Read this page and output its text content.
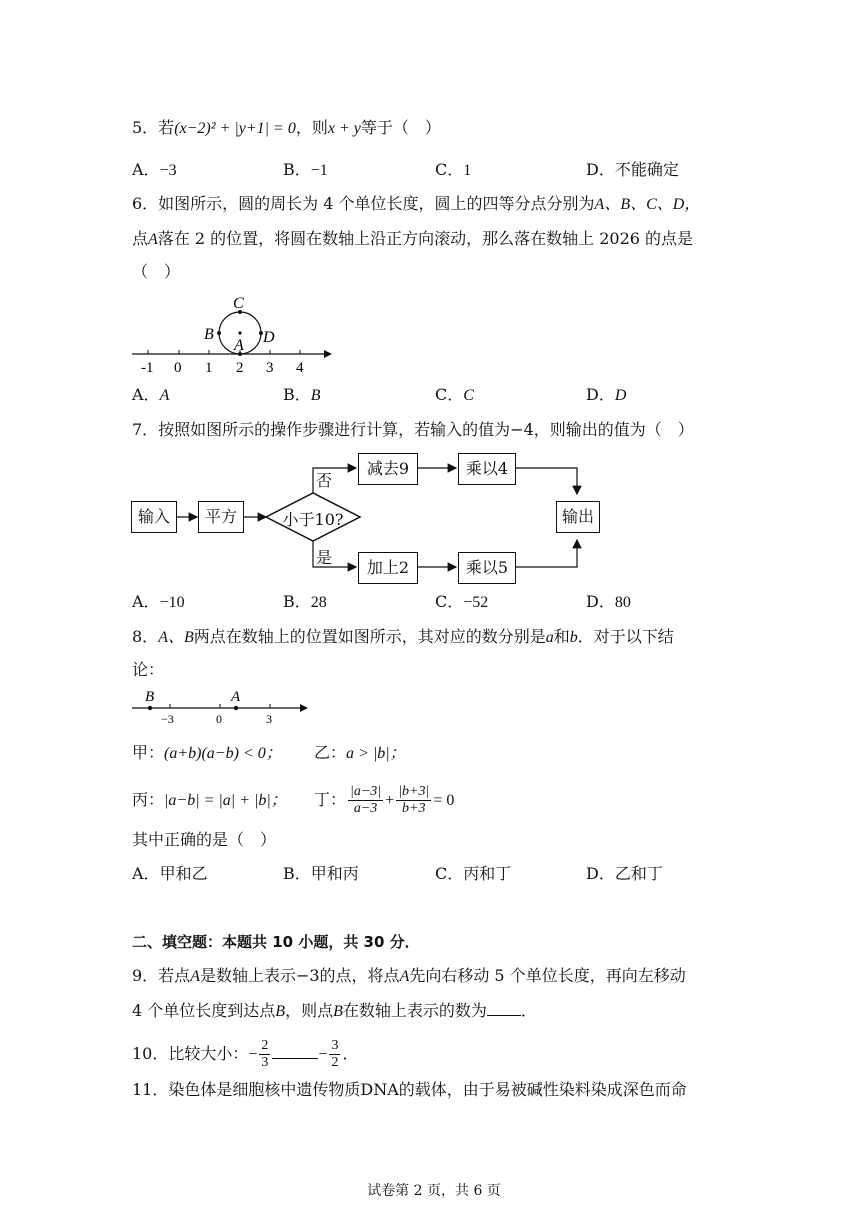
5．若(x−2)² + |y+1| = 0，则x + y等于（　）
A．−3	B．−1	C．1	D．不能确定
6．如图所示，圆的周长为 4 个单位长度，圆上的四等分点分别为A、B、C、D，
点A落在 2 的位置，将圆在数轴上沿正方向滚动，那么落在数轴上 2026 的点是
（　）
-1 0 1 2 3 4
C
B	D
A
A．A	B．B	C．C	D．D
7．按照如图所示的操作步骤进行计算，若输入的值为−4，则输出的值为（　）
输入	平方	小于10?
否
是
减去9	乘以4
加上2	乘以5
输出
A．−10	B．28	C．−52	D．80
8．A、B两点在数轴上的位置如图所示，其对应的数分别是a和b．对于以下结
论：
B	A
−3	0	3
甲：(a+b)(a−b) < 0； 乙：a > |b|；
丙：|a−b| = |a| + |b|； 丁： $\frac{|a-3|}{a-3} + \frac{|b+3|}{b+3} = 0$
其中正确的是（　）
A．甲和乙	B．甲和丙	C．丙和丁	D．乙和丁
二、填空题：本题共 10 小题，共 30 分．
9．若点A是数轴上表示−3的点，将点A先向右移动 5 个单位长度，再向左移动
4 个单位长度到达点B，则点B在数轴上表示的数为 ．
10．比较大小：− $\frac{2}{3}$	− $\frac{3}{2}$ ．
11．染色体是细胞核中遗传物质DNA的载体，由于易被碱性染料染成深色而命
试卷第 2 页，共 6 页
